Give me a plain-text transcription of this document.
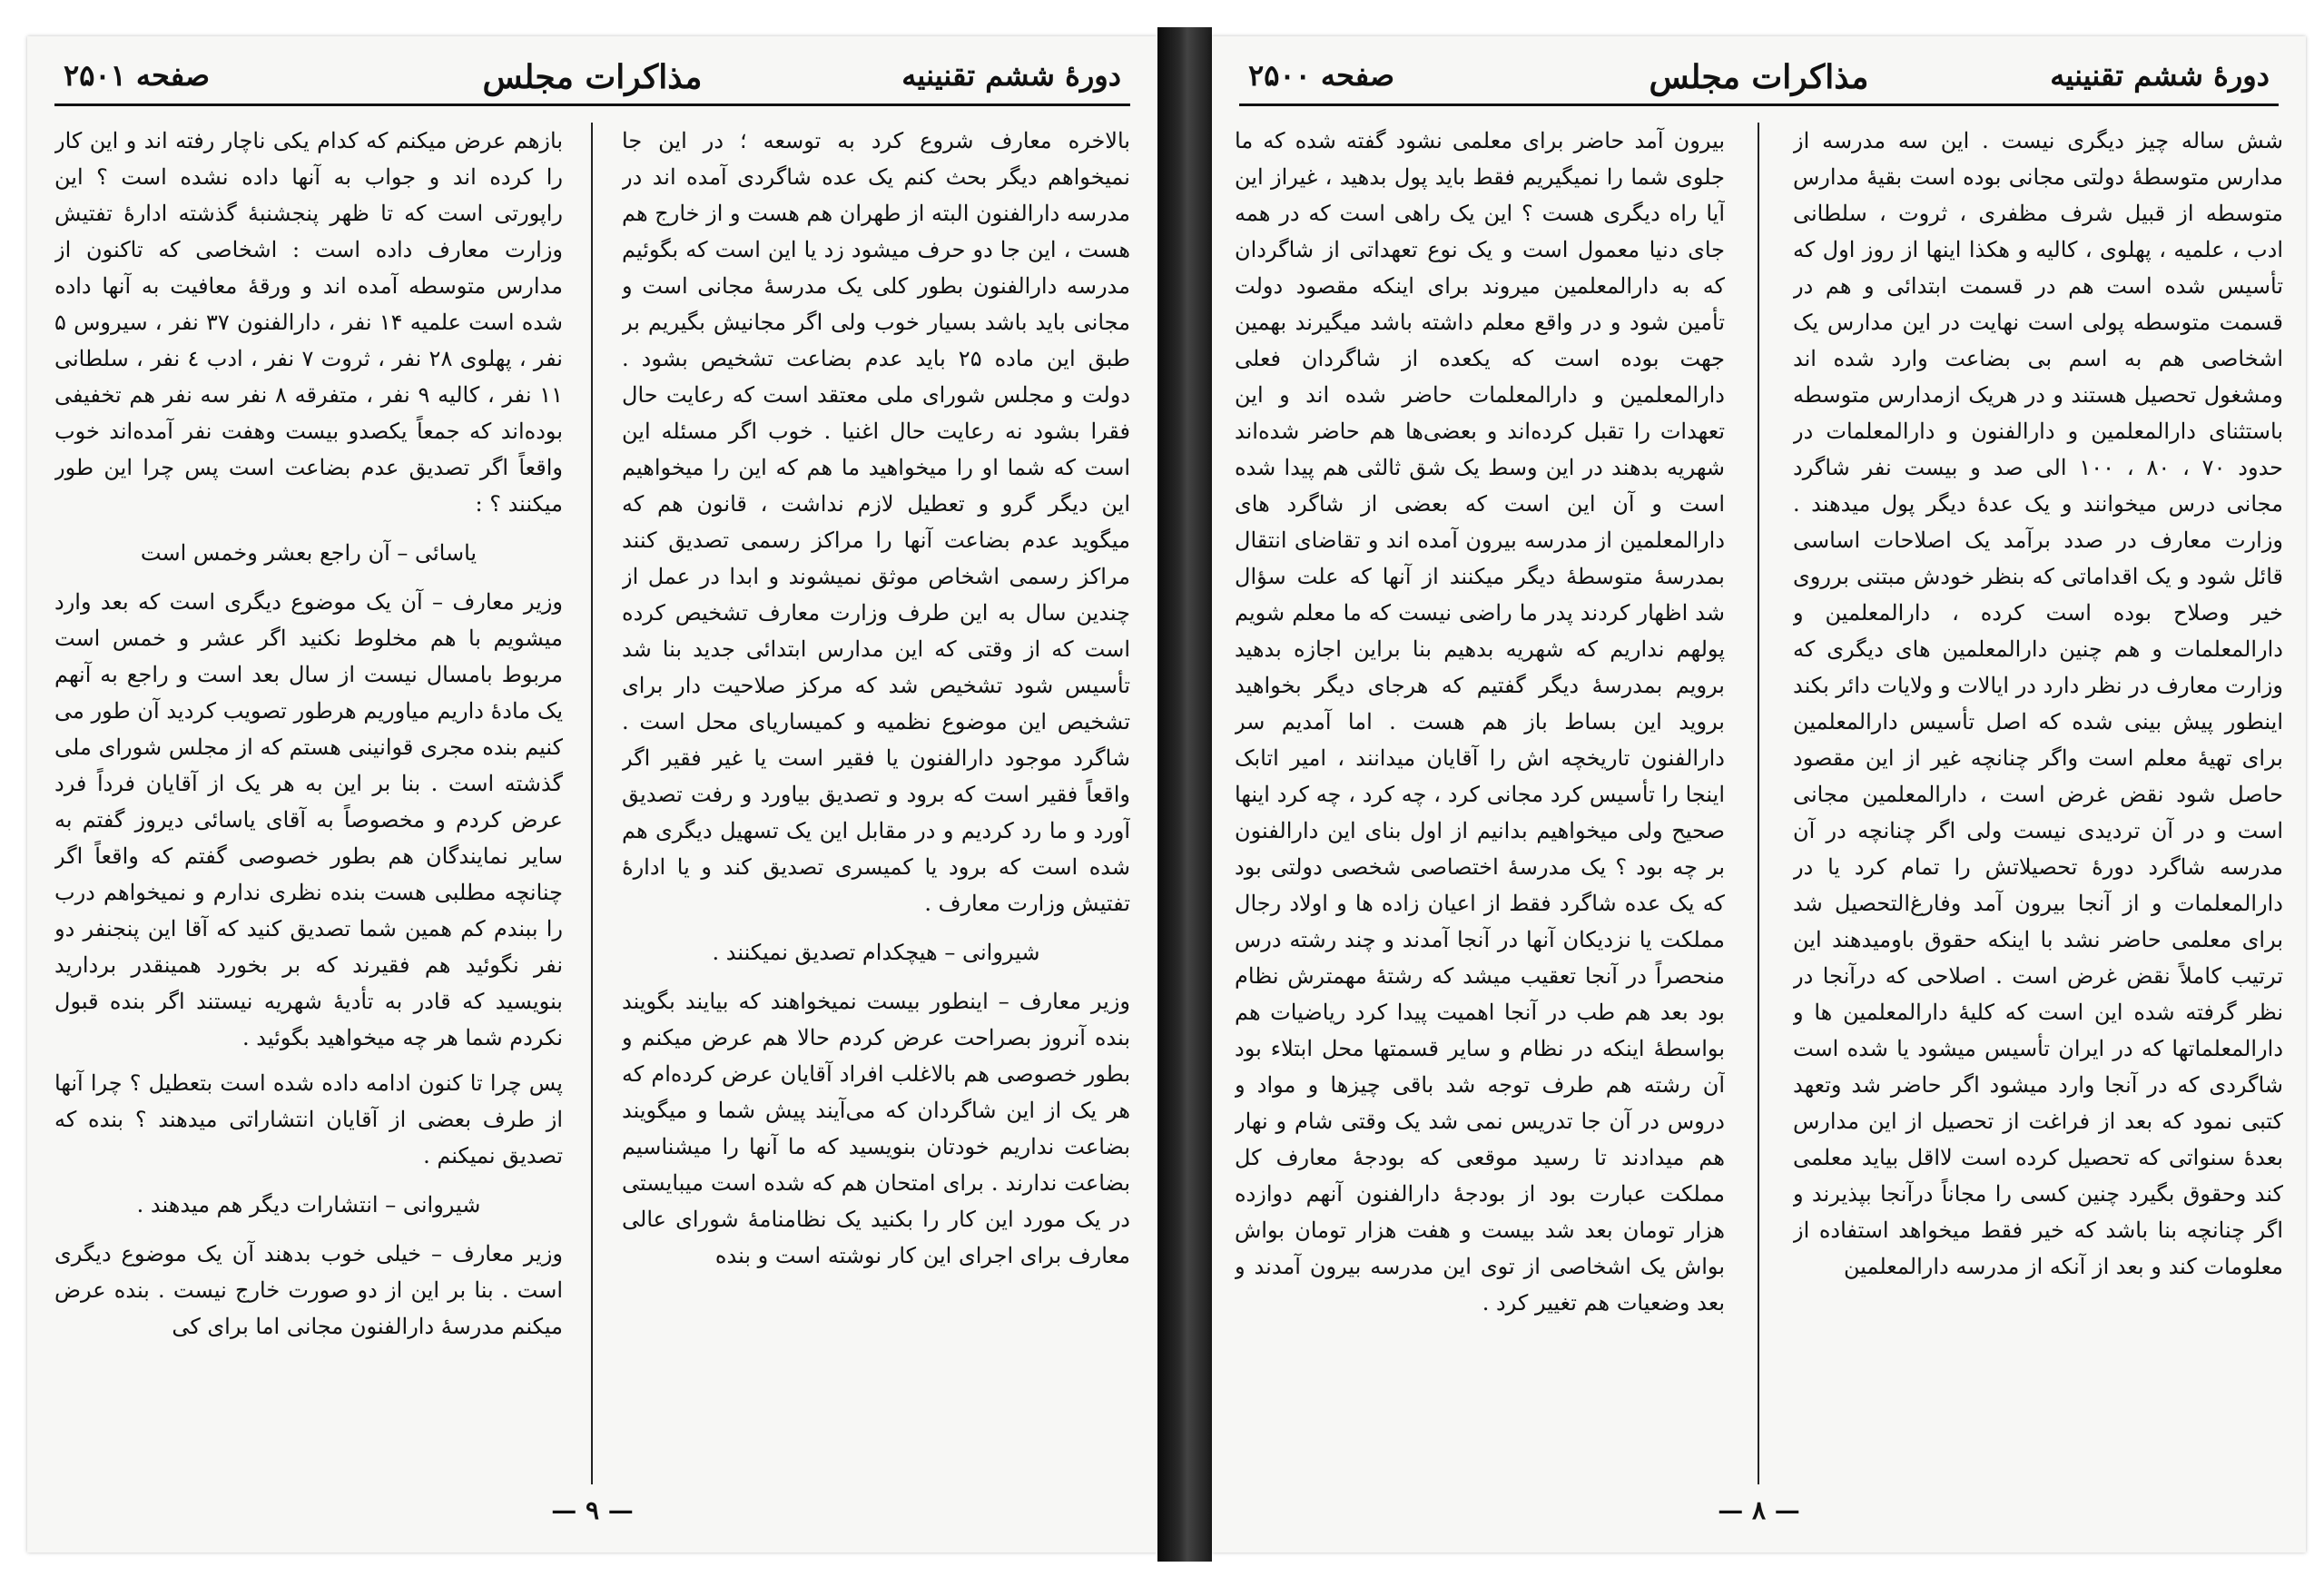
دورهٔ ششم تقنینیه
مذاکرات مجلس
صفحه ۲۵۰۱

بالاخره معارف شروع کرد به توسعه ؛ در این جا نمیخواهم دیگر بحث کنم یک عده شاگردی آمده اند در مدرسه دارالفنون البته از طهران هم هست و از خارج هم هست ، این جا دو حرف میشود زد یا این است که بگوئیم مدرسه دارالفنون بطور کلی یک مدرسهٔ مجانی است و مجانی باید باشد بسیار خوب ولی اگر مجانیش بگیریم بر طبق این ماده ۲۵ باید عدم بضاعت تشخیص بشود . دولت و مجلس شورای ملی معتقد است که رعایت حال فقرا بشود نه رعایت حال اغنیا . خوب اگر مسئله این است که شما او را میخواهید ما هم که این را میخواهیم این دیگر گرو و تعطیل لازم نداشت ، قانون هم که میگوید عدم بضاعت آنها را مراکز رسمی تصدیق کنند مراکز رسمی اشخاص موثق نمیشوند و ابدا در عمل از چندین سال به این طرف وزارت معارف تشخیص کرده است که از وقتی که این مدارس ابتدائی جدید بنا شد تأسیس شود تشخیص شد که مرکز صلاحیت دار برای تشخیص این موضوع نظمیه و کمیساریای محل است . شاگرد موجود دارالفنون یا فقیر است یا غیر فقیر اگر واقعاً فقیر است که برود و تصدیق بیاورد و رفت تصدیق آورد و ما رد کردیم و در مقابل این یک تسهیل دیگری هم شده است که برود یا کمیسری تصدیق کند و یا ادارهٔ تفتیش وزارت معارف .

شیروانی – هیچکدام تصدیق نمیکنند .

وزیر معارف – اینطور بیست نمیخواهند که بیایند بگویند بنده آنروز بصراحت عرض کردم حالا هم عرض میکنم و بطور خصوصی هم بالاغلب افراد آقایان عرض کرده‌ام که هر یک از این شاگردان که می‌آیند پیش شما و میگویند بضاعت نداریم خودتان بنویسید که ما آنها را میشناسیم بضاعت ندارند . برای امتحان هم که شده است میبایستی در یک مورد این کار را بکنید یک نظامنامهٔ شورای عالی معارف برای اجرای این کار نوشته است و بنده

بازهم عرض میکنم که کدام یکی ناچار رفته اند و این کار را کرده اند و جواب به آنها داده نشده است ؟ این راپورتی است که تا ظهر پنجشنبهٔ گذشته ادارهٔ تفتیش وزارت معارف داده است : اشخاصی که تاکنون از مدارس متوسطه آمده اند و ورقهٔ معافیت به آنها داده شده است علمیه ۱۴ نفر ، دارالفنون ۳۷ نفر ، سیروس ۵ نفر ، پهلوی ۲۸ نفر ، ثروت ۷ نفر ، ادب ٤ نفر ، سلطانی ۱۱ نفر ، کالیه ۹ نفر ، متفرقه ۸ نفر سه نفر هم تخفیفی بوده‌اند که جمعاً یکصدو بیست وهفت نفر آمده‌اند خوب واقعاً اگر تصدیق عدم بضاعت است پس چرا این طور میکنند ؟ :

یاسائی – آن راجع بعشر وخمس است

وزیر معارف – آن یک موضوع دیگری است که بعد وارد میشویم با هم مخلوط نکنید اگر عشر و خمس است مربوط بامسال نیست از سال بعد است و راجع به آنهم یک مادهٔ داریم میاوریم هرطور تصویب کردید آن طور می کنیم بنده مجری قوانینی هستم که از مجلس شورای ملی گذشته است . بنا بر این به هر یک از آقایان فرداً فرد عرض کردم و مخصوصاً به آقای یاسائی دیروز گفتم به سایر نمایندگان هم بطور خصوصی گفتم که واقعاً اگر چنانچه مطلبی هست بنده نظری ندارم و نمیخواهم درب را ببندم کم همین شما تصدیق کنید که آقا این پنجنفر دو نفر نگوئید هم فقیرند که بر بخورد همینقدر بردارید بنویسید که قادر به تأدیهٔ شهریه نیستند اگر بنده قبول نکردم شما هر چه میخواهید بگوئید .

پس چرا تا کنون ادامه داده شده است بتعطیل ؟ چرا آنها از طرف بعضی از آقایان انتشاراتی میدهند ؟ بنده که تصدیق نمیکنم .

شیروانی – انتشارات دیگر هم میدهند .

وزیر معارف – خیلی خوب بدهند آن یک موضوع دیگری است . بنا بر این از دو صورت خارج نیست . بنده عرض میکنم مدرسهٔ دارالفنون مجانی اما برای کی

— ۹ —
دورهٔ ششم تقنینیه
مذاکرات مجلس
صفحه ۲۵۰۰

شش ساله چیز دیگری نیست . این سه مدرسه از مدارس متوسطهٔ دولتی مجانی بوده است بقیهٔ مدارس متوسطه از قبیل شرف مظفری ، ثروت ، سلطانی ادب ، علمیه ، پهلوی ، کالیه و هکذا اینها از روز اول که تأسیس شده است هم در قسمت ابتدائی و هم در قسمت متوسطه پولی است نهایت در این مدارس یک اشخاصی هم به اسم بی بضاعت وارد شده اند ومشغول تحصیل هستند و در هریک ازمدارس متوسطه باستثنای دارالمعلمین و دارالفنون و دارالمعلمات در حدود ۷۰ ، ۸۰ ، ۱۰۰ الی صد و بیست نفر شاگرد مجانی درس میخوانند و یک عدهٔ دیگر پول میدهند . وزارت معارف در صدد برآمد یک اصلاحات اساسی قائل شود و یک اقداماتی که بنظر خودش مبتنی برروی خیر وصلاح بوده است کرده ، دارالمعلمین و دارالمعلمات و هم چنین دارالمعلمین های دیگری که وزارت معارف در نظر دارد در ایالات و ولایات دائر بکند اینطور پیش بینی شده که اصل تأسیس دارالمعلمین برای تهیهٔ معلم است واگر چنانچه غیر از این مقصود حاصل شود نقض غرض است ، دارالمعلمین مجانی است و در آن تردیدی نیست ولی اگر چنانچه در آن مدرسه شاگرد دورهٔ تحصیلاتش را تمام کرد یا در دارالمعلمات و از آنجا بیرون آمد وفارغ‌التحصیل شد برای معلمی حاضر نشد با اینکه حقوق باومیدهند این ترتیب کاملاً نقض غرض است . اصلاحی که درآنجا در نظر گرفته شده این است که کلیهٔ دارالمعلمین ها و دارالمعلماتها که در ایران تأسیس میشود یا شده است شاگردی که در آنجا وارد میشود اگر حاضر شد وتعهد کتبی نمود که بعد از فراغت از تحصیل از این مدارس بعدهٔ سنواتی که تحصیل کرده است لااقل بیاید معلمی کند وحقوق بگیرد چنین کسی را مجاناً درآنجا بپذیرند و اگر چنانچه بنا باشد که خیر فقط میخواهد استفاده از معلومات کند و بعد از آنکه از مدرسه دارالمعلمین

بیرون آمد حاضر برای معلمی نشود گفته شده که ما جلوی شما را نمیگیریم فقط باید پول بدهید ، غیراز این آیا راه دیگری هست ؟ این یک راهی است که در همه جای دنیا معمول است و یک نوع تعهداتی از شاگردان که به دارالمعلمین میروند برای اینکه مقصود دولت تأمین شود و در واقع معلم داشته باشد میگیرند بهمین جهت بوده است که یکعده از شاگردان فعلی دارالمعلمین و دارالمعلمات حاضر شده اند و این تعهدات را تقبل کرده‌اند و بعضی‌ها هم حاضر شده‌اند شهریه بدهند در این وسط یک شق ثالثی هم پیدا شده است و آن این است که بعضی از شاگرد های دارالمعلمین از مدرسه بیرون آمده اند و تقاضای انتقال بمدرسهٔ متوسطهٔ دیگر میکنند از آنها که علت سؤال شد اظهار کردند پدر ما راضی نیست که ما معلم شویم پولهم نداریم که شهریه بدهیم بنا براین اجازه بدهید برویم بمدرسهٔ دیگر گفتیم که هرجای دیگر بخواهید بروید این بساط باز هم هست . اما آمدیم سر دارالفنون تاریخچه اش را آقایان میدانند ، امیر اتابک اینجا را تأسیس کرد مجانی کرد ، چه کرد ، چه کرد اینها صحیح ولی میخواهیم بدانیم از اول بنای این دارالفنون بر چه بود ؟ یک مدرسهٔ اختصاصی شخصی دولتی بود که یک عده شاگرد فقط از اعیان زاده ها و اولاد رجال مملکت یا نزدیکان آنها در آنجا آمدند و چند رشته درس منحصراً در آنجا تعقیب میشد که رشتهٔ مهمترش نظام بود بعد هم طب در آنجا اهمیت پیدا کرد ریاضیات هم بواسطهٔ اینکه در نظام و سایر قسمتها محل ابتلاء بود آن رشته هم طرف توجه شد باقی چیزها و مواد و دروس در آن جا تدریس نمی شد یک وقتی شام و نهار هم میدادند تا رسید موقعی که بودجهٔ معارف کل مملکت عبارت بود از بودجهٔ دارالفنون آنهم دوازده هزار تومان بعد شد بیست و هفت هزار تومان بواش بواش یک اشخاصی از توی این مدرسه بیرون آمدند و بعد وضعیات هم تغییر کرد .

— ۸ —
